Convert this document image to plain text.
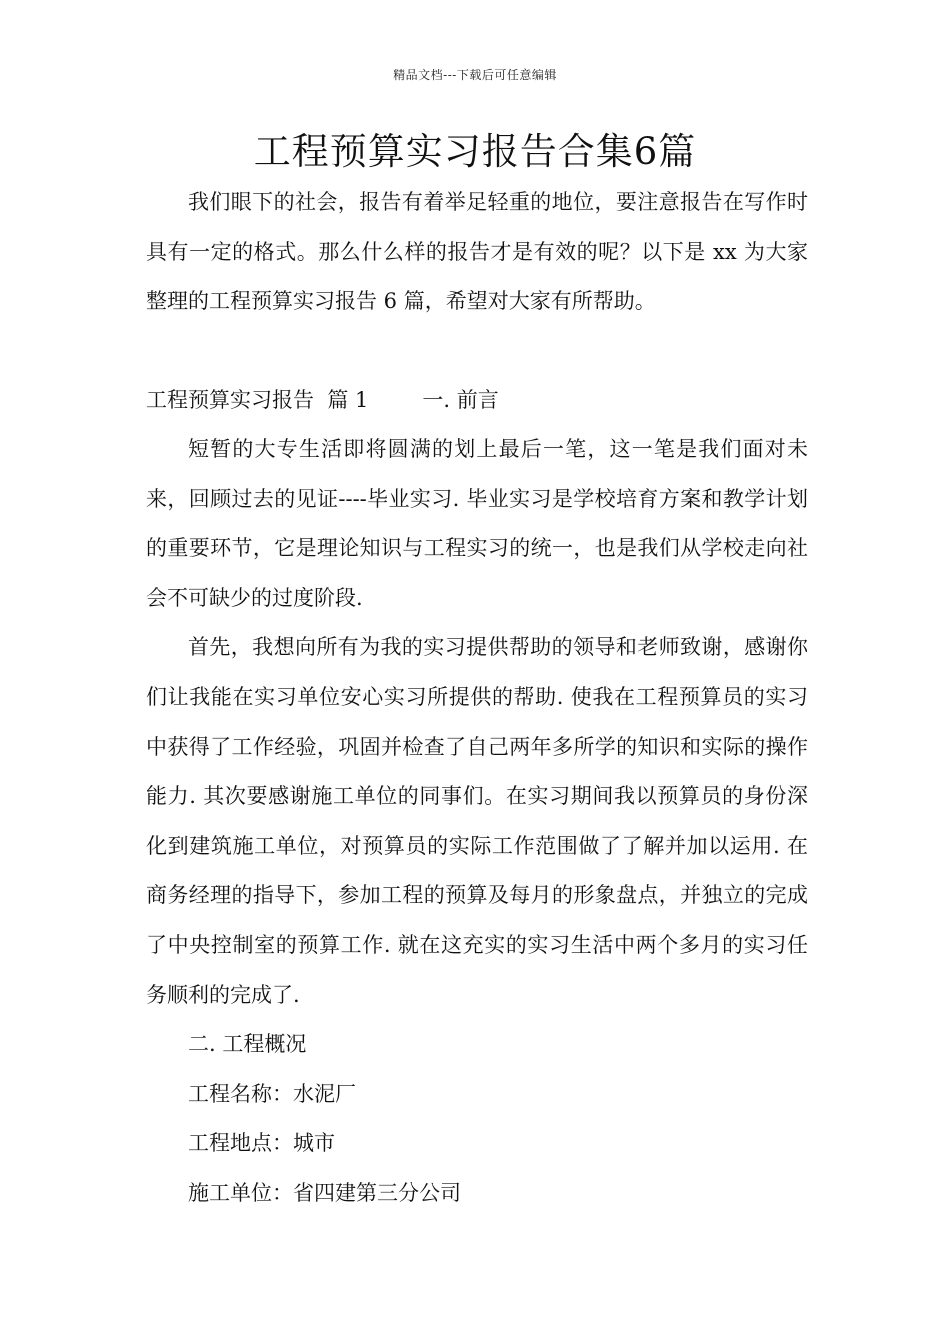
精品文档---下载后可任意编辑
工程预算实习报告合集6篇

我们眼下的社会，报告有着举足轻重的地位，要注意报告在写作时具有一定的格式。那么什么样的报告才是有效的呢？以下是 xx 为大家整理的工程预算实习报告 6 篇，希望对大家有所帮助。

工程预算实习报告  篇 1	一. 前言

短暂的大专生活即将圆满的划上最后一笔，这一笔是我们面对未来，回顾过去的见证----毕业实习. 毕业实习是学校培育方案和教学计划的重要环节，它是理论知识与工程实习的统一，也是我们从学校走向社会不可缺少的过度阶段.

首先，我想向所有为我的实习提供帮助的领导和老师致谢，感谢你们让我能在实习单位安心实习所提供的帮助. 使我在工程预算员的实习中获得了工作经验，巩固并检查了自己两年多所学的知识和实际的操作能力. 其次要感谢施工单位的同事们。在实习期间我以预算员的身份深化到建筑施工单位，对预算员的实际工作范围做了了解并加以运用. 在商务经理的指导下，参加工程的预算及每月的形象盘点，并独立的完成了中央控制室的预算工作. 就在这充实的实习生活中两个多月的实习任务顺利的完成了.

二. 工程概况

工程名称：水泥厂

工程地点：城市

施工单位：省四建第三分公司
